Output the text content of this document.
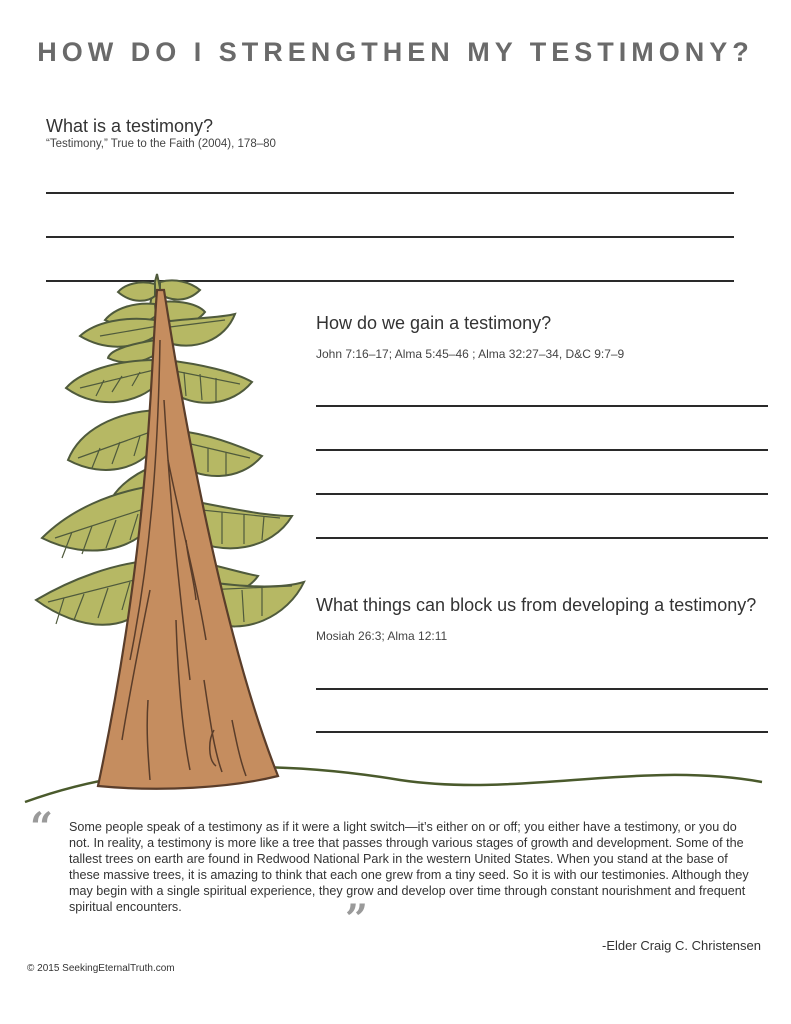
HOW DO I STRENGTHEN MY TESTIMONY?
What is a testimony?
“Testimony,” True to the Faith (2004), 178–80
How do we gain a testimony?
John 7:16–17; Alma 5:45–46 ; Alma 32:27–34, D&C 9:7–9
What things can block us from developing a testimony?
Mosiah 26:3; Alma 12:11
“ Some people speak of a testimony as if it were a light switch—it’s either on or off; you either have a testimony, or you do not. In reality, a testimony is more like a tree that passes through various stages of growth and development. Some of the tallest trees on earth are found in Redwood National Park in the western United States. When you stand at the base of these massive trees, it is amazing to think that each one grew from a tiny seed. So it is with our testimonies. Although they may begin with a single spiritual experience, they grow and develop over time through constant nourishment and frequent spiritual encounters.	”
-Elder Craig C. Christensen
© 2015 SeekingEternalTruth.com
